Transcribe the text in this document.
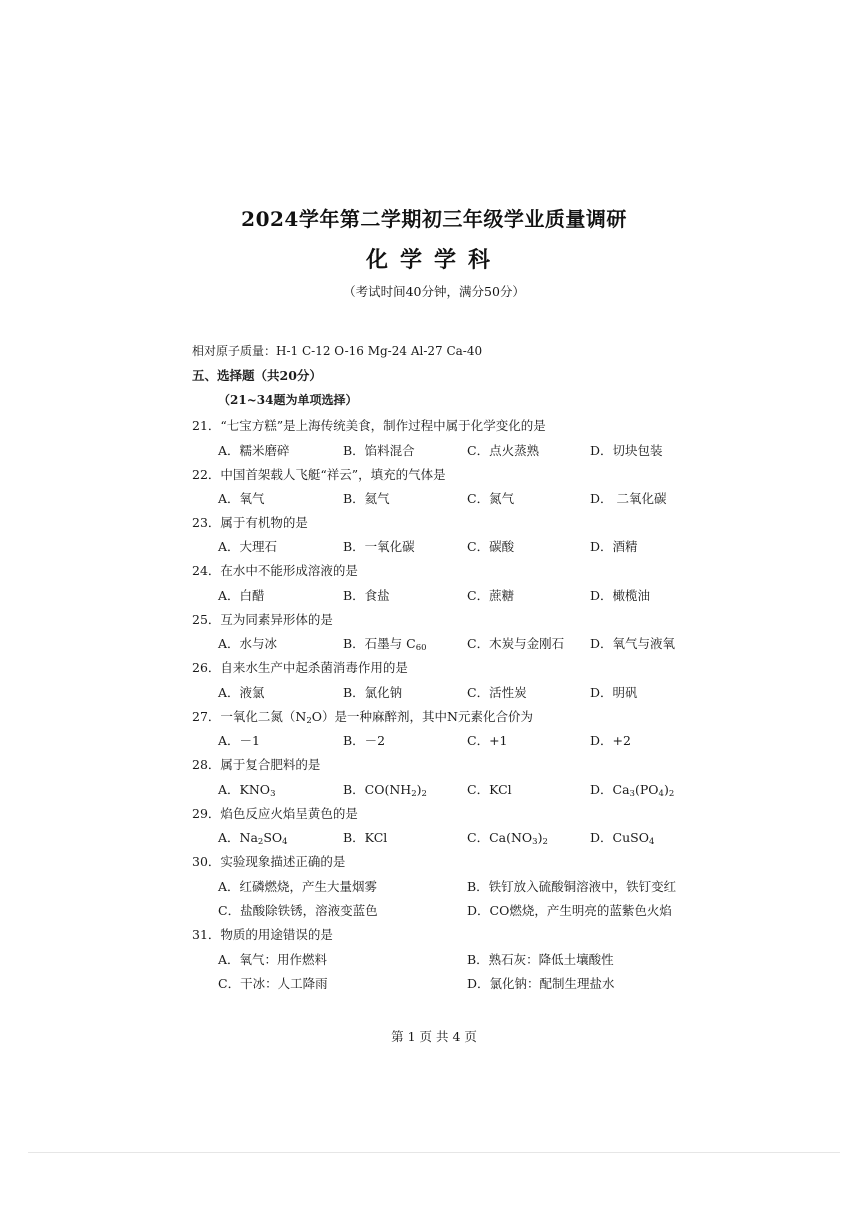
2024学年第二学期初三年级学业质量调研
化学学科
（考试时间40分钟，满分50分）
相对原子质量：H-1 C-12 O-16 Mg-24 Al-27 Ca-40
五、选择题（共20分）
（21~34题为单项选择）
21．“七宝方糕”是上海传统美食，制作过程中属于化学变化的是
A．糯米磨碎	B．馅料混合	C．点火蒸熟	D．切块包装
22．中国首架载人飞艇“祥云”，填充的气体是
A．氧气	B．氦气	C．氮气	D． 二氧化碳
23．属于有机物的是
A．大理石	B．一氧化碳	C．碳酸	D．酒精
24．在水中不能形成溶液的是
A．白醋	B．食盐	C．蔗糖	D．橄榄油
25．互为同素异形体的是
A．水与冰	B．石墨与 $C_{60}$	C．木炭与金刚石 D．氧气与液氧
26．自来水生产中起杀菌消毒作用的是
A．液氯	B．氯化钠	C．活性炭	D．明矾
27．一氧化二氮$(N_2O)$是一种麻醉剂，其中N元素化合价为
A．－1	B．－2	C．+1	D．+2
28．属于复合肥料的是
A．$KNO_3$	B．$CO(NH_2)_2$	C．KCl	D．$Ca_3(PO_4)_2$
29．焰色反应火焰呈黄色的是
A．$Na_2SO_4$	B．KCl	C．$Ca(NO_3)_2$	D．CuSO$_4$
30．实验现象描述正确的是
A．红磷燃烧，产生大量烟雾	B．铁钉放入硫酸铜溶液中，铁钉变红
C．盐酸除铁锈，溶液变蓝色	D．CO燃烧，产生明亮的蓝紫色火焰
31．物质的用途错误的是
A．氧气：用作燃料	B．熟石灰：降低土壤酸性
C．干冰：人工降雨	D．氯化钠：配制生理盐水
第 1 页 共 4 页
